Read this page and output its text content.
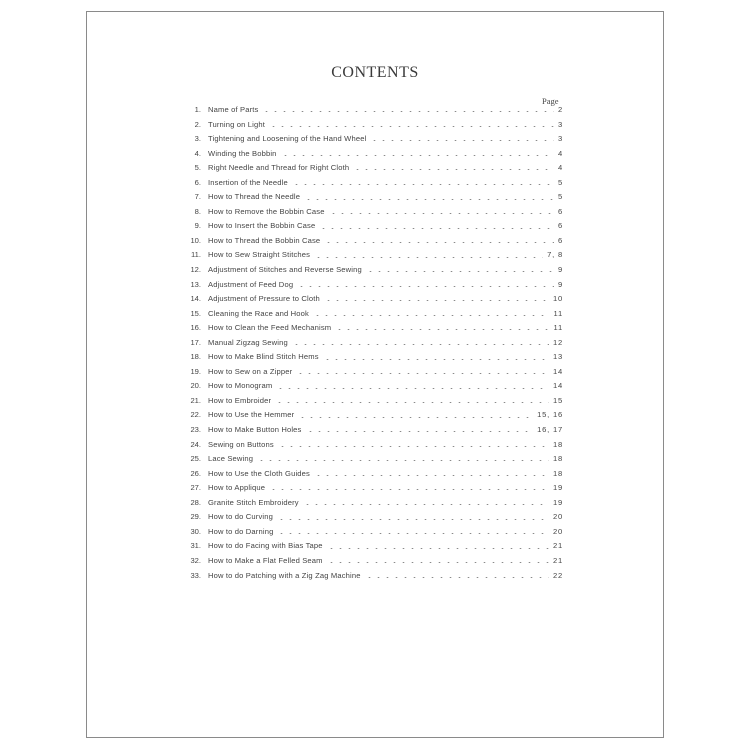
CONTENTS
Page
1. Name of Parts	2
2. Turning on Light	3
3. Tightening and Loosening of the Hand Wheel	3
4. Winding the Bobbin	4
5. Right Needle and Thread for Right Cloth	4
6. Insertion of the Needle	5
7. How to Thread the Needle	5
8. How to Remove the Bobbin Case	6
9. How to Insert the Bobbin Case	6
10. How to Thread the Bobbin Case	6
11. How to Sew Straight Stitches	7, 8
12. Adjustment of Stitches and Reverse Sewing	9
13. Adjustment of Feed Dog	9
14. Adjustment of Pressure to Cloth	10
15. Cleaning the Race and Hook	11
16. How to Clean the Feed Mechanism	11
17. Manual Zigzag Sewing	12
18. How to Make Blind Stitch Hems	13
19. How to Sew on a Zipper	14
20. How to Monogram	14
21. How to Embroider	15
22. How to Use the Hemmer	15, 16
23. How to Make Button Holes	16, 17
24. Sewing on Buttons	18
25. Lace Sewing	18
26. How to Use the Cloth Guides	18
27. How to Applique	19
28. Granite Stitch Embroidery	19
29. How to do Curving	20
30. How to do Darning	20
31. How to do Facing with Bias Tape	21
32. How to Make a Flat Felled Seam	21
33. How to do Patching with a Zig Zag Machine	22
